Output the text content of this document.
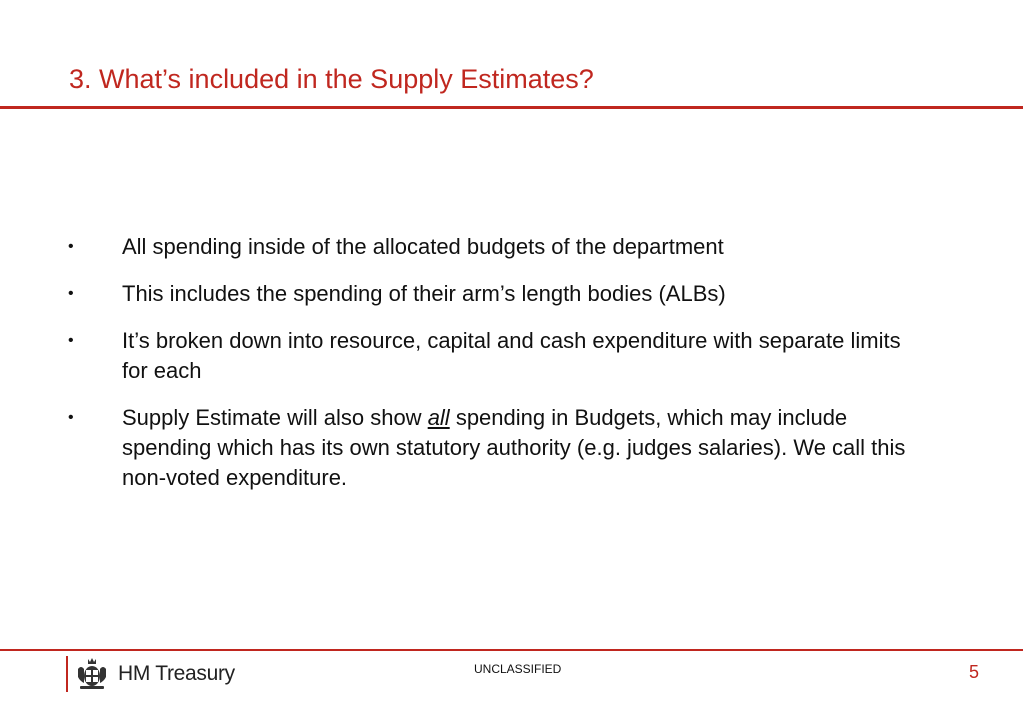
3. What’s included in the Supply Estimates?
• All spending inside of the allocated budgets of the department
• This includes the spending of their arm’s length bodies (ALBs)
• It’s broken down into resource, capital and cash expenditure with separate limits for each
• Supply Estimate will also show all spending in Budgets, which may include spending which has its own statutory authority (e.g. judges salaries). We call this non-voted expenditure.
HM Treasury	UNCLASSIFIED	5
